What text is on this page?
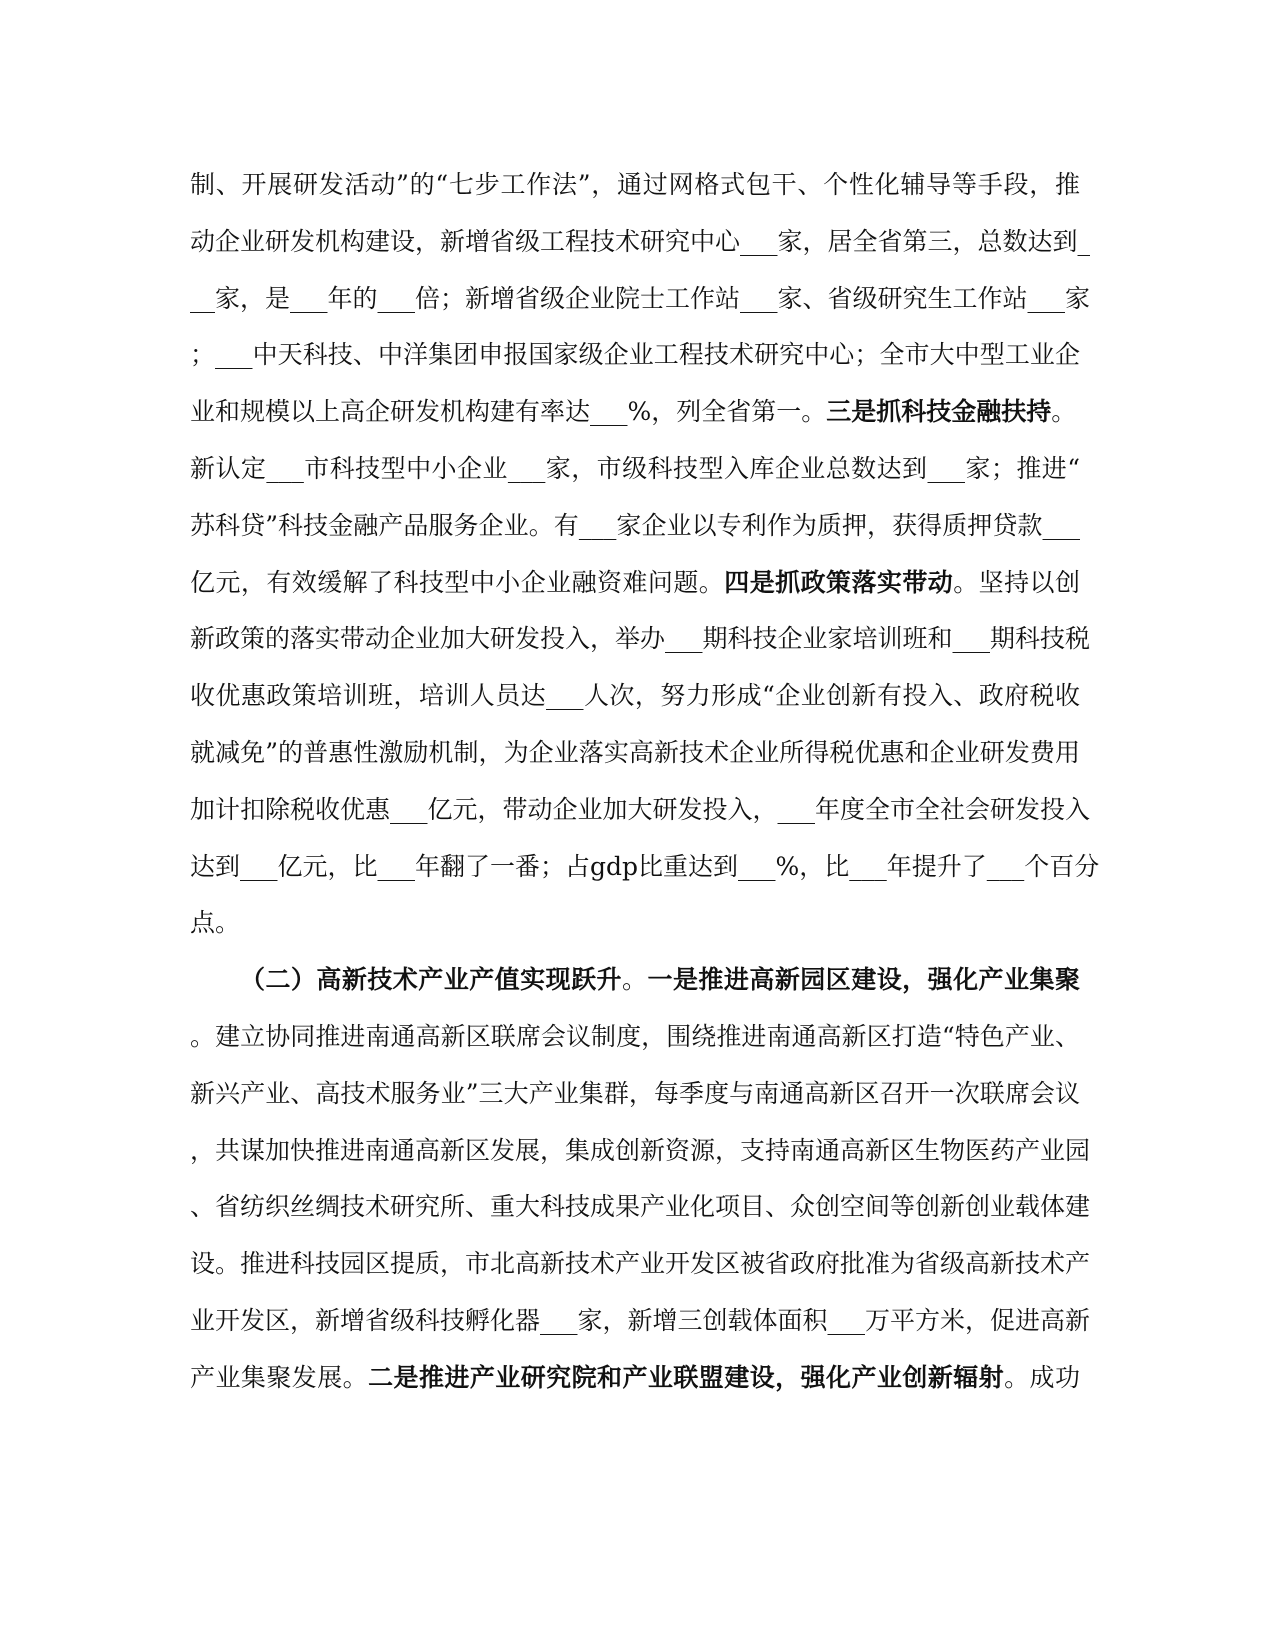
制、开展研发活动”的“七步工作法”，通过网格式包干、个性化辅导等手段，推
动企业研发机构建设，新增省级工程技术研究中心___家，居全省第三，总数达到_
__家，是___年的___倍；新增省级企业院士工作站___家、省级研究生工作站___家
；___中天科技、中洋集团申报国家级企业工程技术研究中心；全市大中型工业企
业和规模以上高企研发机构建有率达___%，列全省第一。三是抓科技金融扶持。
新认定___市科技型中小企业___家，市级科技型入库企业总数达到___家；推进“
苏科贷”科技金融产品服务企业。有___家企业以专利作为质押，获得质押贷款___
亿元，有效缓解了科技型中小企业融资难问题。四是抓政策落实带动。坚持以创
新政策的落实带动企业加大研发投入，举办___期科技企业家培训班和___期科技税
收优惠政策培训班，培训人员达___人次，努力形成“企业创新有投入、政府税收
就减免”的普惠性激励机制，为企业落实高新技术企业所得税优惠和企业研发费用
加计扣除税收优惠___亿元，带动企业加大研发投入，___年度全市全社会研发投入
达到___亿元，比___年翻了一番；占gdp比重达到___%，比___年提升了___个百分
点。
（二）高新技术产业产值实现跃升。一是推进高新园区建设，强化产业集聚
。建立协同推进南通高新区联席会议制度，围绕推进南通高新区打造“特色产业、
新兴产业、高技术服务业”三大产业集群，每季度与南通高新区召开一次联席会议
，共谋加快推进南通高新区发展，集成创新资源，支持南通高新区生物医药产业园
、省纺织丝绸技术研究所、重大科技成果产业化项目、众创空间等创新创业载体建
设。推进科技园区提质，市北高新技术产业开发区被省政府批准为省级高新技术产
业开发区，新增省级科技孵化器___家，新增三创载体面积___万平方米，促进高新
产业集聚发展。二是推进产业研究院和产业联盟建设，强化产业创新辐射。成功
